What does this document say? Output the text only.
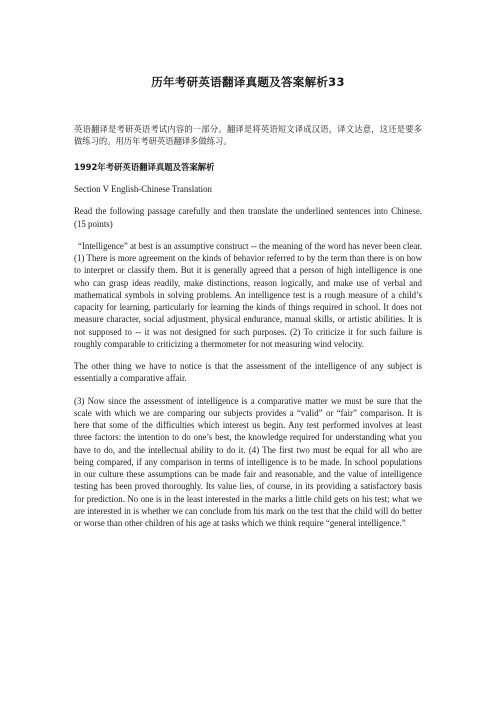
历年考研英语翻译真题及答案解析33

英语翻译是考研英语考试内容的一部分。翻译是将英语短文译成汉语，译文达意，这还是要多做练习的。用历年考研英语翻译多做练习。

1992年考研英语翻译真题及答案解析

Section V English-Chinese Translation

Read the following passage carefully and then translate the underlined sentences into Chinese. (15 points)

“Intelligence” at best is an assumptive construct -- the meaning of the word has never been clear. (1) There is more agreement on the kinds of behavior referred to by the term than there is on how to interpret or classify them. But it is generally agreed that a person of high intelligence is one who can grasp ideas readily, make distinctions, reason logically, and make use of verbal and mathematical symbols in solving problems. An intelligence test is a rough measure of a child’s capacity for learning, particularly for learning the kinds of things required in school. It does not measure character, social adjustment, physical endurance, manual skills, or artistic abilities. It is not supposed to -- it was not designed for such purposes. (2) To criticize it for such failure is roughly comparable to criticizing a thermometer for not measuring wind velocity.

The other thing we have to notice is that the assessment of the intelligence of any subject is essentially a comparative affair.

(3) Now since the assessment of intelligence is a comparative matter we must be sure that the scale with which we are comparing our subjects provides a “valid” or “fair” comparison. It is here that some of the difficulties which interest us begin. Any test performed involves at least three factors: the intention to do one’s best, the knowledge required for understanding what you have to do, and the intellectual ability to do it. (4) The first two must be equal for all who are being compared, if any comparison in terms of intelligence is to be made. In school populations in our culture these assumptions can be made fair and reasonable, and the value of intelligence testing has been proved thoroughly. Its value lies, of course, in its providing a satisfactory basis for prediction. No one is in the least interested in the marks a little child gets on his test; what we are interested in is whether we can conclude from his mark on the test that the child will do better or worse than other children of his age at tasks which we think require “general intelligence.”
